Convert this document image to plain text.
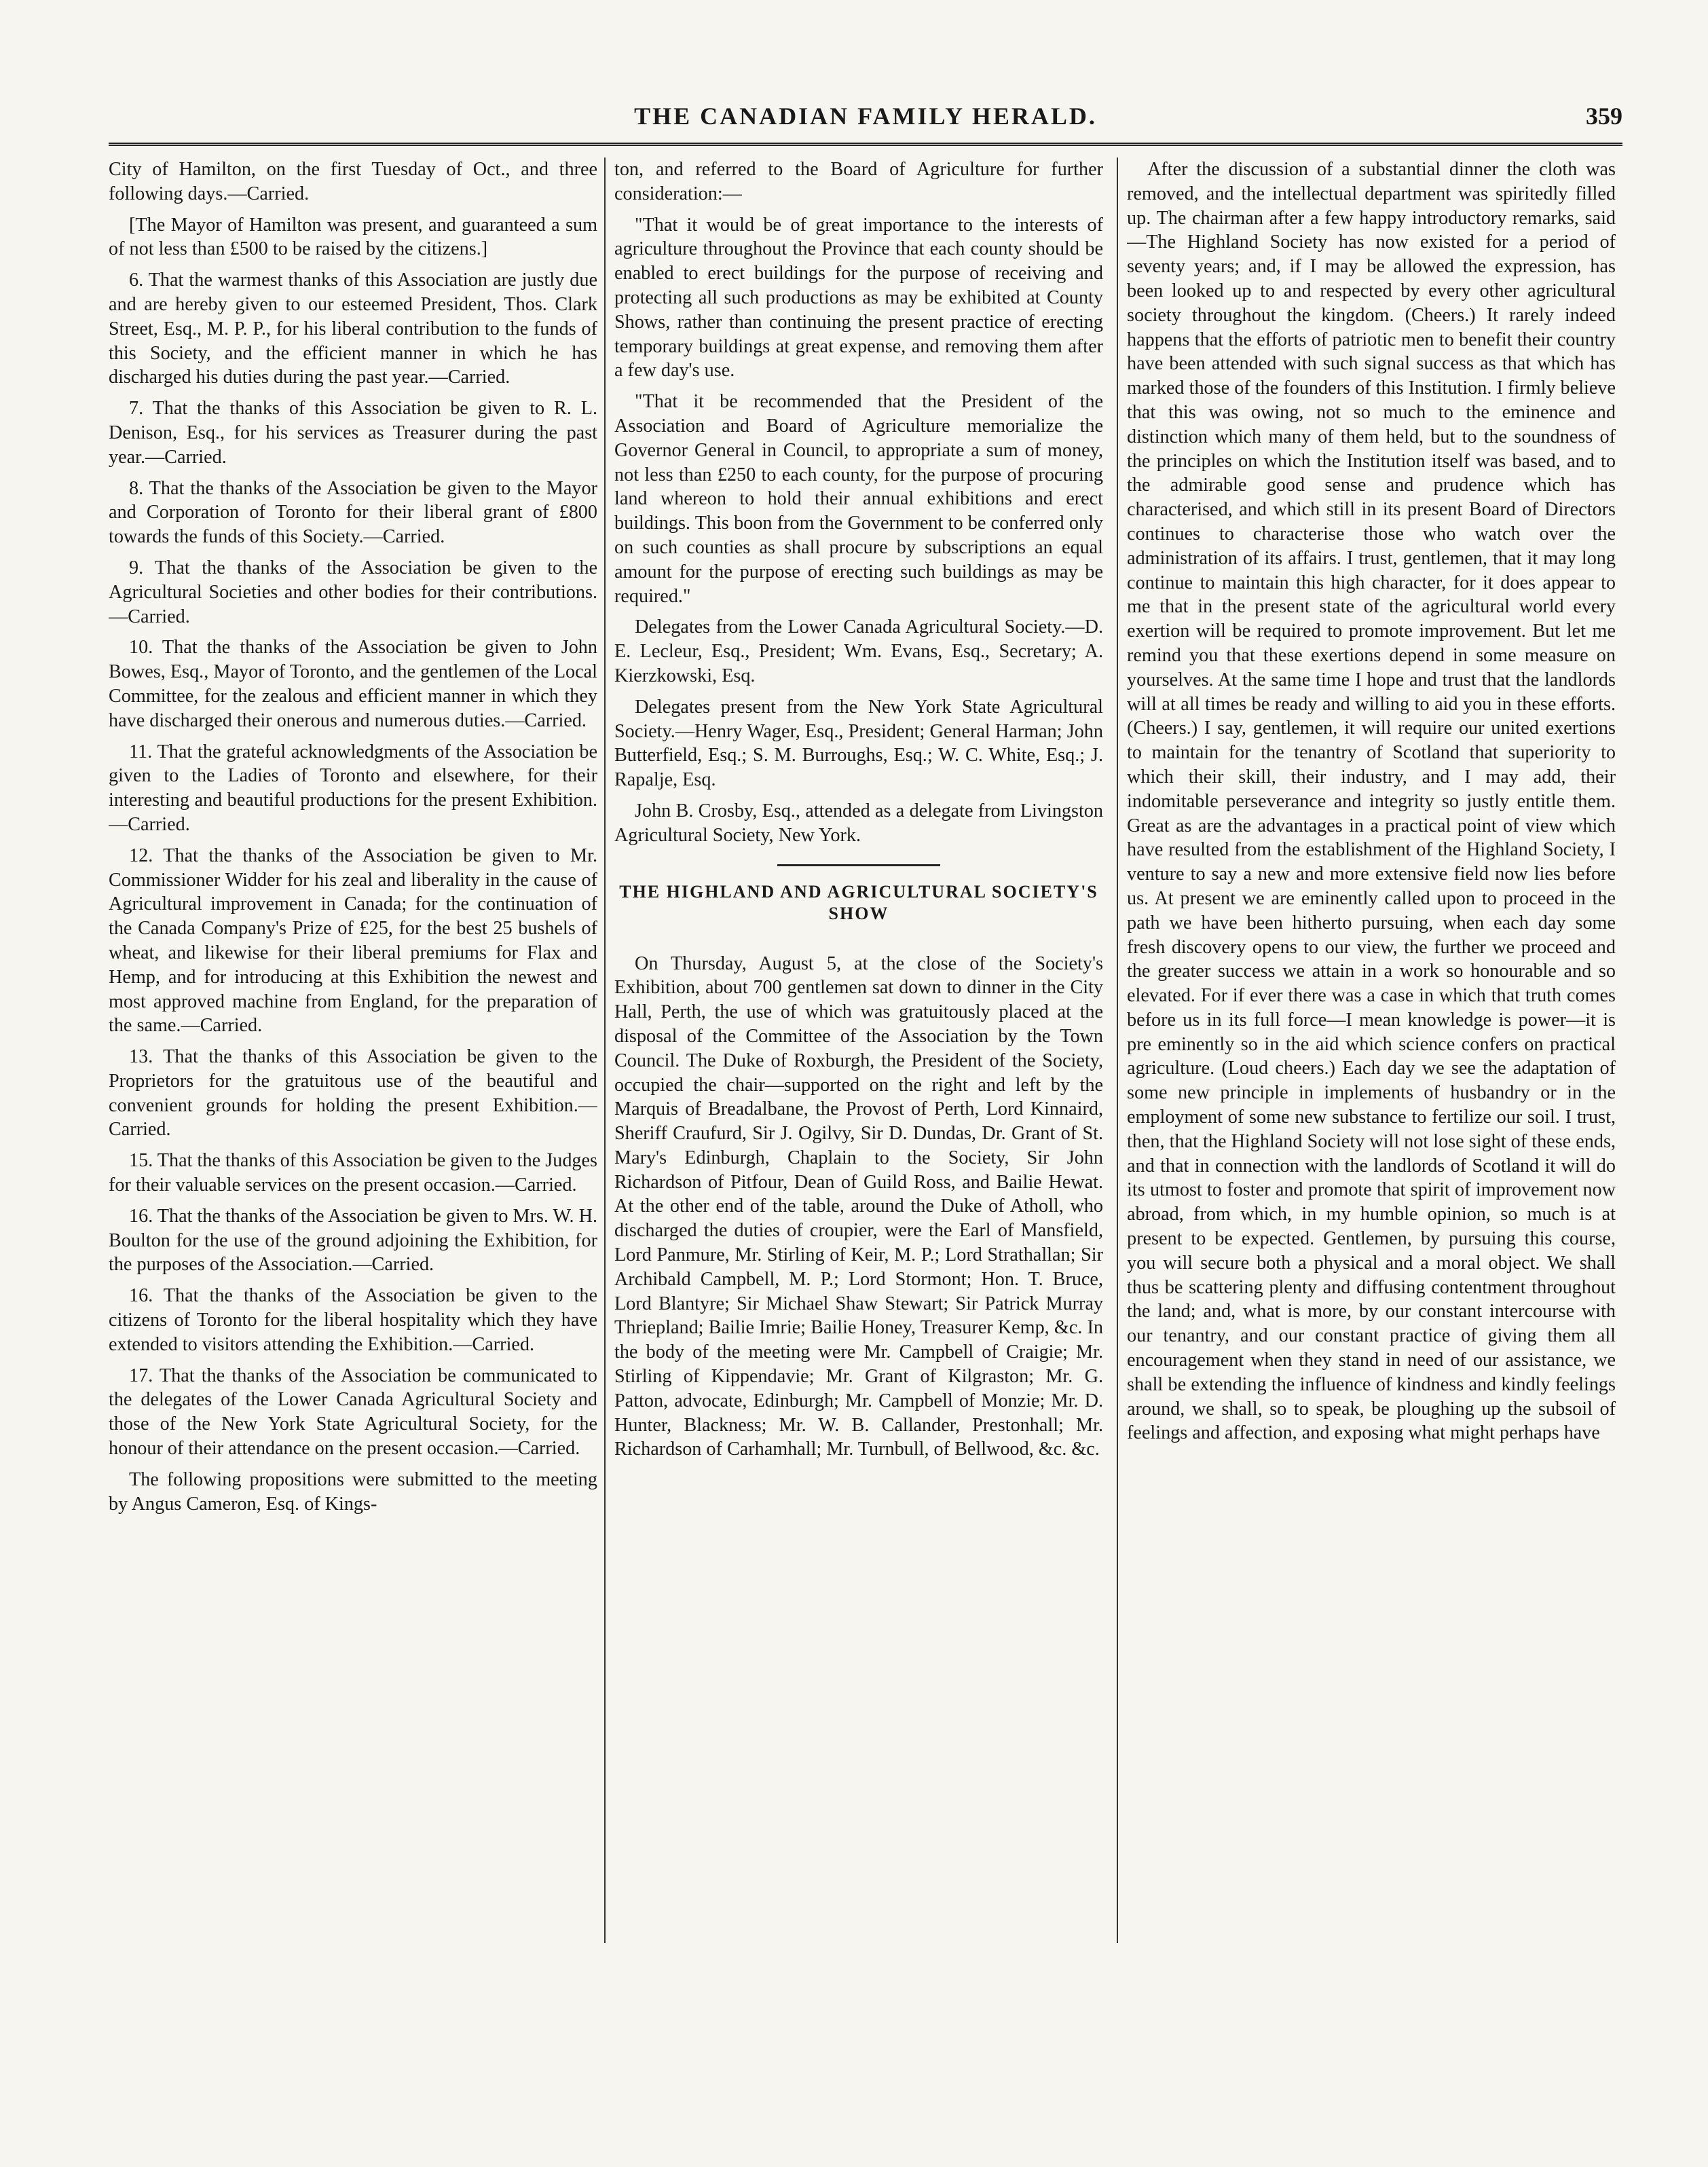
THE CANADIAN FAMILY HERALD.	359

City of Hamilton, on the first Tuesday of Oct., and three following days.—Carried.

[The Mayor of Hamilton was present, and guaranteed a sum of not less than £500 to be raised by the citizens.]

6. That the warmest thanks of this Association are justly due and are hereby given to our esteemed President, Thos. Clark Street, Esq., M. P. P., for his liberal contribution to the funds of this Society, and the efficient manner in which he has discharged his duties during the past year.—Carried.

7. That the thanks of this Association be given to R. L. Denison, Esq., for his services as Treasurer during the past year.—Carried.

8. That the thanks of the Association be given to the Mayor and Corporation of Toronto for their liberal grant of £800 towards the funds of this Society.—Carried.

9. That the thanks of the Association be given to the Agricultural Societies and other bodies for their contributions.—Carried.

10. That the thanks of the Association be given to John Bowes, Esq., Mayor of Toronto, and the gentlemen of the Local Committee, for the zealous and efficient manner in which they have discharged their onerous and numerous duties.—Carried.

11. That the grateful acknowledgments of the Association be given to the Ladies of Toronto and elsewhere, for their interesting and beautiful productions for the present Exhibition.—Carried.

12. That the thanks of the Association be given to Mr. Commissioner Widder for his zeal and liberality in the cause of Agricultural improvement in Canada; for the continuation of the Canada Company's Prize of £25, for the best 25 bushels of wheat, and likewise for their liberal premiums for Flax and Hemp, and for introducing at this Exhibition the newest and most approved machine from England, for the preparation of the same.—Carried.

13. That the thanks of this Association be given to the Proprietors for the gratuitous use of the beautiful and convenient grounds for holding the present Exhibition.—Carried.

15. That the thanks of this Association be given to the Judges for their valuable services on the present occasion.—Carried.

16. That the thanks of the Association be given to Mrs. W. H. Boulton for the use of the ground adjoining the Exhibition, for the purposes of the Association.—Carried.

16. That the thanks of the Association be given to the citizens of Toronto for the liberal hospitality which they have extended to visitors attending the Exhibition.—Carried.

17. That the thanks of the Association be communicated to the delegates of the Lower Canada Agricultural Society and those of the New York State Agricultural Society, for the honour of their attendance on the present occasion.—Carried.

The following propositions were submitted to the meeting by Angus Cameron, Esq. of Kings-

ton, and referred to the Board of Agriculture for further consideration:—

"That it would be of great importance to the interests of agriculture throughout the Province that each county should be enabled to erect buildings for the purpose of receiving and protecting all such productions as may be exhibited at County Shows, rather than continuing the present practice of erecting temporary buildings at great expense, and removing them after a few day's use.

"That it be recommended that the President of the Association and Board of Agriculture memorialize the Governor General in Council, to appropriate a sum of money, not less than £250 to each county, for the purpose of procuring land whereon to hold their annual exhibitions and erect buildings. This boon from the Government to be conferred only on such counties as shall procure by subscriptions an equal amount for the purpose of erecting such buildings as may be required."

Delegates from the Lower Canada Agricultural Society.—D. E. Lecleur, Esq., President; Wm. Evans, Esq., Secretary; A. Kierzkowski, Esq.

Delegates present from the New York State Agricultural Society.—Henry Wager, Esq., President; General Harman; John Butterfield, Esq.; S. M. Burroughs, Esq.; W. C. White, Esq.; J. Rapalje, Esq.

John B. Crosby, Esq., attended as a delegate from Livingston Agricultural Society, New York.

THE HIGHLAND AND AGRICULTURAL SOCIETY'S SHOW

On Thursday, August 5, at the close of the Society's Exhibition, about 700 gentlemen sat down to dinner in the City Hall, Perth, the use of which was gratuitously placed at the disposal of the Committee of the Association by the Town Council. The Duke of Roxburgh, the President of the Society, occupied the chair—supported on the right and left by the Marquis of Breadalbane, the Provost of Perth, Lord Kinnaird, Sheriff Craufurd, Sir J. Ogilvy, Sir D. Dundas, Dr. Grant of St. Mary's Edinburgh, Chaplain to the Society, Sir John Richardson of Pitfour, Dean of Guild Ross, and Bailie Hewat. At the other end of the table, around the Duke of Atholl, who discharged the duties of croupier, were the Earl of Mansfield, Lord Panmure, Mr. Stirling of Keir, M. P.; Lord Strathallan; Sir Archibald Campbell, M. P.; Lord Stormont; Hon. T. Bruce, Lord Blantyre; Sir Michael Shaw Stewart; Sir Patrick Murray Thriepland; Bailie Imrie; Bailie Honey, Treasurer Kemp, &c. In the body of the meeting were Mr. Campbell of Craigie; Mr. Stirling of Kippendavie; Mr. Grant of Kilgraston; Mr. G. Patton, advocate, Edinburgh; Mr. Campbell of Monzie; Mr. D. Hunter, Blackness; Mr. W. B. Callander, Prestonhall; Mr. Richardson of Carhamhall; Mr. Turnbull, of Bellwood, &c. &c.

After the discussion of a substantial dinner the cloth was removed, and the intellectual department was spiritedly filled up. The chairman after a few happy introductory remarks, said—The Highland Society has now existed for a period of seventy years; and, if I may be allowed the expression, has been looked up to and respected by every other agricultural society throughout the kingdom. (Cheers.) It rarely indeed happens that the efforts of patriotic men to benefit their country have been attended with such signal success as that which has marked those of the founders of this Institution. I firmly believe that this was owing, not so much to the eminence and distinction which many of them held, but to the soundness of the principles on which the Institution itself was based, and to the admirable good sense and prudence which has characterised, and which still in its present Board of Directors continues to characterise those who watch over the administration of its affairs. I trust, gentlemen, that it may long continue to maintain this high character, for it does appear to me that in the present state of the agricultural world every exertion will be required to promote improvement. But let me remind you that these exertions depend in some measure on yourselves. At the same time I hope and trust that the landlords will at all times be ready and willing to aid you in these efforts. (Cheers.) I say, gentlemen, it will require our united exertions to maintain for the tenantry of Scotland that superiority to which their skill, their industry, and I may add, their indomitable perseverance and integrity so justly entitle them. Great as are the advantages in a practical point of view which have resulted from the establishment of the Highland Society, I venture to say a new and more extensive field now lies before us. At present we are eminently called upon to proceed in the path we have been hitherto pursuing, when each day some fresh discovery opens to our view, the further we proceed and the greater success we attain in a work so honourable and so elevated. For if ever there was a case in which that truth comes before us in its full force—I mean knowledge is power—it is pre eminently so in the aid which science confers on practical agriculture. (Loud cheers.) Each day we see the adaptation of some new principle in implements of husbandry or in the employment of some new substance to fertilize our soil. I trust, then, that the Highland Society will not lose sight of these ends, and that in connection with the landlords of Scotland it will do its utmost to foster and promote that spirit of improvement now abroad, from which, in my humble opinion, so much is at present to be expected. Gentlemen, by pursuing this course, you will secure both a physical and a moral object. We shall thus be scattering plenty and diffusing contentment throughout the land; and, what is more, by our constant intercourse with our tenantry, and our constant practice of giving them all encouragement when they stand in need of our assistance, we shall be extending the influence of kindness and kindly feelings around, we shall, so to speak, be ploughing up the subsoil of feelings and affection, and exposing what might perhaps have
